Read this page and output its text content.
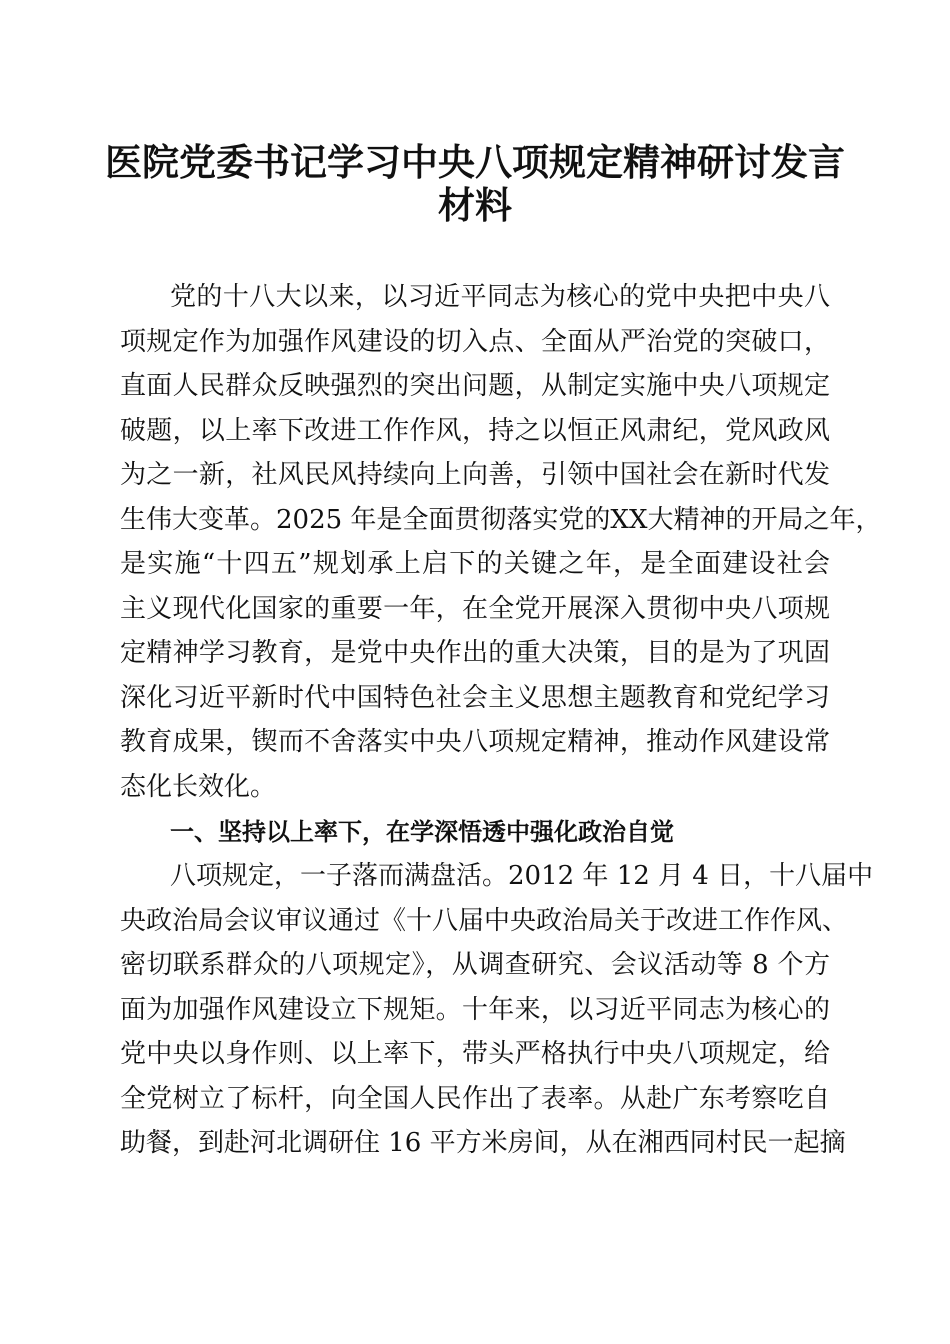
医院党委书记学习中央八项规定精神研讨发言
材料
党的十八大以来，以习近平同志为核心的党中央把中央八
项规定作为加强作风建设的切入点、全面从严治党的突破口，
直面人民群众反映强烈的突出问题，从制定实施中央八项规定
破题，以上率下改进工作作风，持之以恒正风肃纪，党风政风
为之一新，社风民风持续向上向善，引领中国社会在新时代发
生伟大变革。2025 年是全面贯彻落实党的XX大精神的开局之年，
是实施“十四五”规划承上启下的关键之年，是全面建设社会
主义现代化国家的重要一年，在全党开展深入贯彻中央八项规
定精神学习教育，是党中央作出的重大决策，目的是为了巩固
深化习近平新时代中国特色社会主义思想主题教育和党纪学习
教育成果，锲而不舍落实中央八项规定精神，推动作风建设常
态化长效化。
一、坚持以上率下，在学深悟透中强化政治自觉
八项规定，一子落而满盘活。2012 年 12 月 4 日，十八届中
央政治局会议审议通过《十八届中央政治局关于改进工作作风、
密切联系群众的八项规定》，从调查研究、会议活动等 8 个方
面为加强作风建设立下规矩。十年来，以习近平同志为核心的
党中央以身作则、以上率下，带头严格执行中央八项规定，给
全党树立了标杆，向全国人民作出了表率。从赴广东考察吃自
助餐，到赴河北调研住 16 平方米房间，从在湘西同村民一起摘
